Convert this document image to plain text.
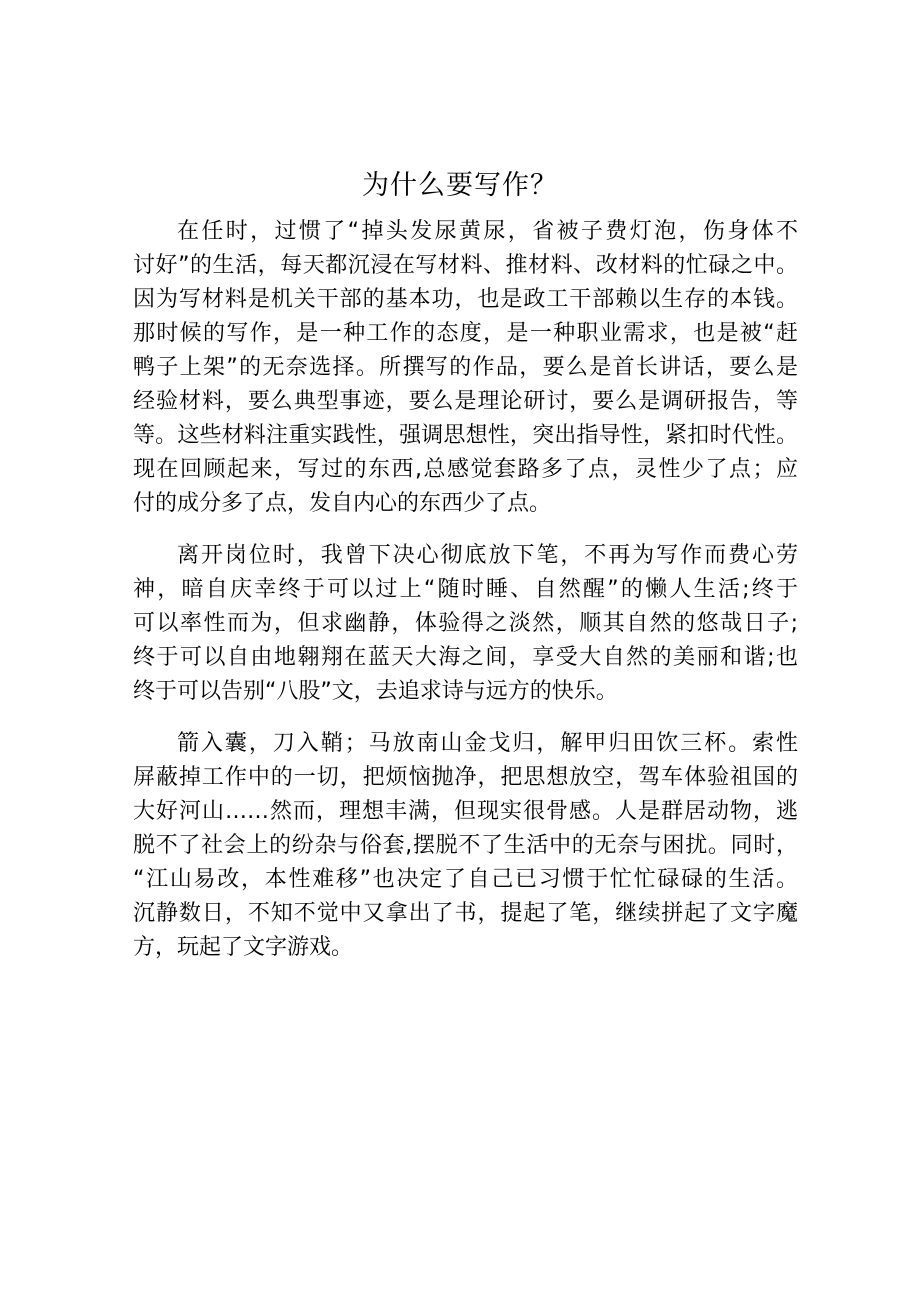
为什么要写作？
在任时，过惯了“掉头发尿黄尿，省被子费灯泡，伤身体不
讨好”的生活，每天都沉浸在写材料、推材料、改材料的忙碌之中。
因为写材料是机关干部的基本功，也是政工干部赖以生存的本钱。
那时候的写作，是一种工作的态度，是一种职业需求，也是被“赶
鸭子上架”的无奈选择。所撰写的作品，要么是首长讲话，要么是
经验材料，要么典型事迹，要么是理论研讨，要么是调研报告，等
等。这些材料注重实践性，强调思想性，突出指导性，紧扣时代性。
现在回顾起来，写过的东西,总感觉套路多了点，灵性少了点；应
付的成分多了点，发自内心的东西少了点。
离开岗位时，我曾下决心彻底放下笔，不再为写作而费心劳
神，暗自庆幸终于可以过上“随时睡、自然醒”的懒人生活;终于
可以率性而为，但求幽静，体验得之淡然，顺其自然的悠哉日子;
终于可以自由地翱翔在蓝天大海之间，享受大自然的美丽和谐;也
终于可以告别“八股”文，去追求诗与远方的快乐。
箭入囊，刀入鞘；马放南山金戈归，解甲归田饮三杯。索性
屏蔽掉工作中的一切，把烦恼抛净，把思想放空，驾车体验祖国的
大好河山……然而，理想丰满，但现实很骨感。人是群居动物，逃
脱不了社会上的纷杂与俗套,摆脱不了生活中的无奈与困扰。同时，
“江山易改，本性难移”也决定了自己已习惯于忙忙碌碌的生活。
沉静数日，不知不觉中又拿出了书，提起了笔，继续拼起了文字魔
方，玩起了文字游戏。
